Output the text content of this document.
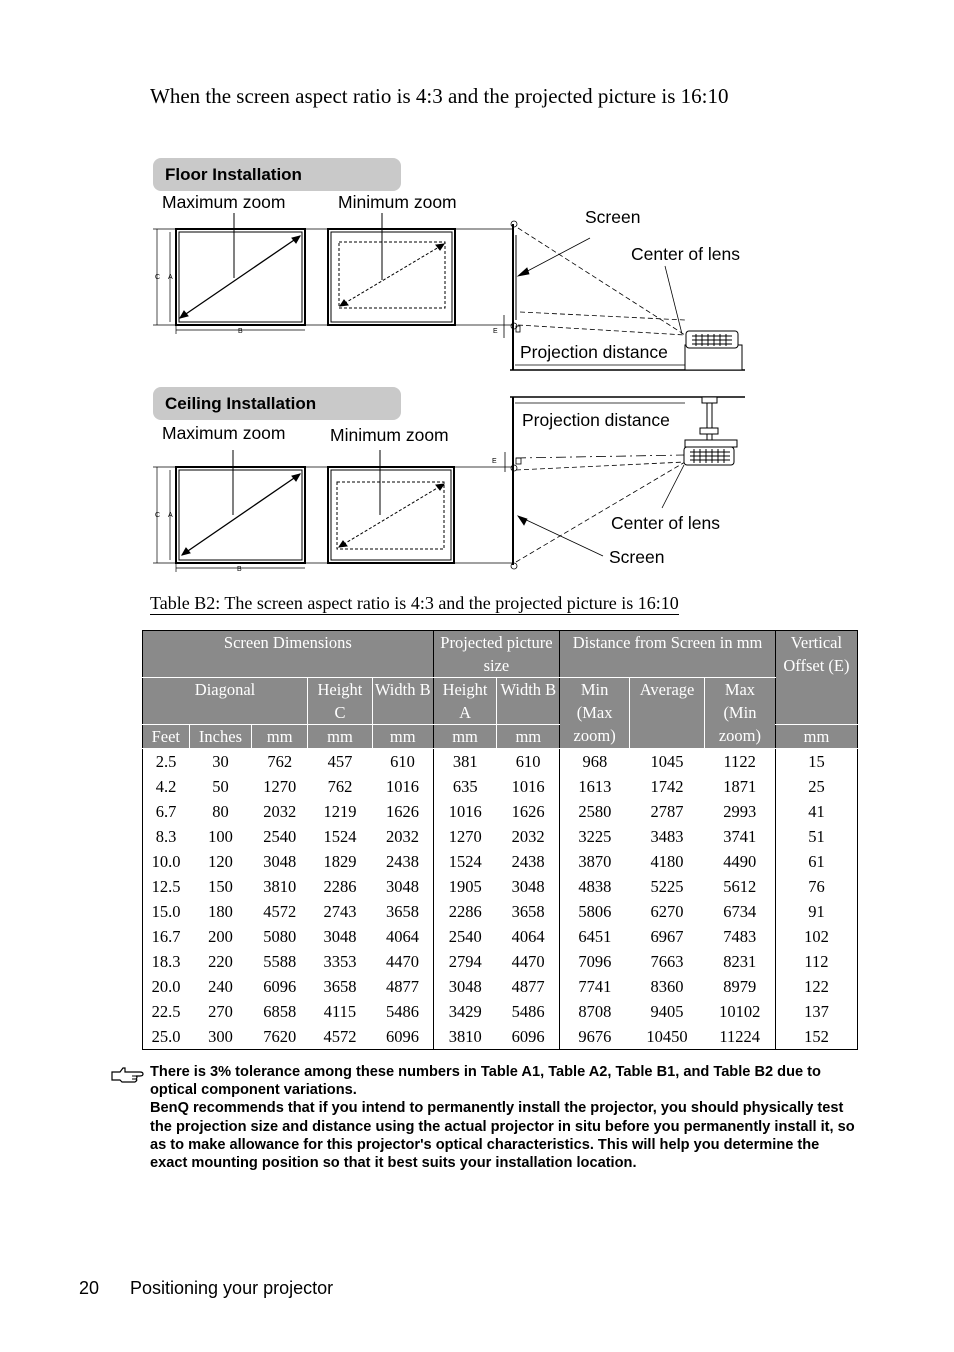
When the screen aspect ratio is 4:3 and the projected picture is 16:10
Floor Installation
Maximum zoom	Minimum zoom
Screen
Center of lens
Projection distance
C A
B	E
Ceiling Installation
Maximum zoom	Minimum zoom
Projection distance
Center of lens
Screen
C A
B
E
Table B2: The screen aspect ratio is 4:3 and the projected picture is 16:10
Screen Dimensions					Projected picture size		Distance from Screen in mm			Vertical Offset (E)
Diagonal			Height C	Width B	Height A	Width B	Min (Max zoom)	Average	Max (Min zoom)	
Feet	Inches	mm	mm	mm	mm	mm				mm
2.5	30	762	457	610	381	610	968	1045	1122	15
4.2	50	1270	762	1016	635	1016	1613	1742	1871	25
6.7	80	2032	1219	1626	1016	1626	2580	2787	2993	41
8.3	100	2540	1524	2032	1270	2032	3225	3483	3741	51
10.0	120	3048	1829	2438	1524	2438	3870	4180	4490	61
12.5	150	3810	2286	3048	1905	3048	4838	5225	5612	76
15.0	180	4572	2743	3658	2286	3658	5806	6270	6734	91
16.7	200	5080	3048	4064	2540	4064	6451	6967	7483	102
18.3	220	5588	3353	4470	2794	4470	7096	7663	8231	112
20.0	240	6096	3658	4877	3048	4877	7741	8360	8979	122
22.5	270	6858	4115	5486	3429	5486	8708	9405	10102	137
25.0	300	7620	4572	6096	3810	6096	9676	10450	11224	152
There is 3% tolerance among these numbers in Table A1, Table A2, Table B1, and Table B2 due to optical component variations.
BenQ recommends that if you intend to permanently install the projector, you should physically test the projection size and distance using the actual projector in situ before you permanently install it, so as to make allowance for this projector's optical characteristics. This will help you determine the exact mounting position so that it best suits your installation location.
20 Positioning your projector
